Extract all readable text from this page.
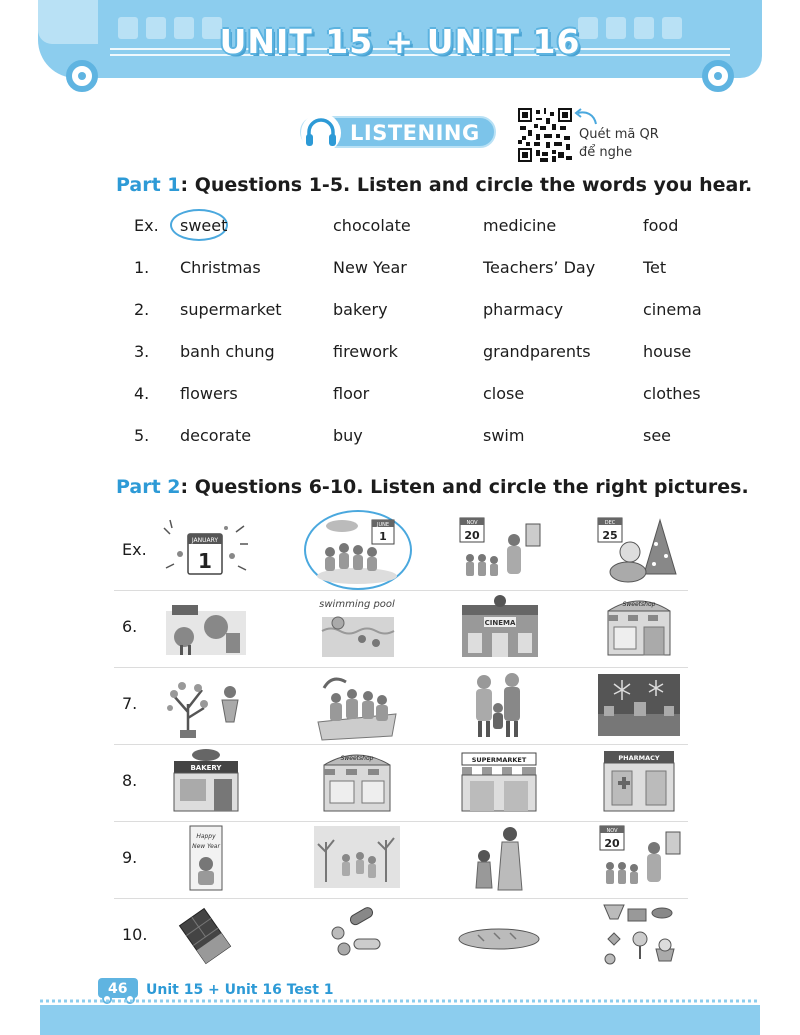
UNIT 15 + UNIT 16
LISTENING	Quét mã QR
để nghe
Part 1: Questions 1-5. Listen and circle the words you hear.
Ex. sweet	chocolate	medicine	food
1. Christmas	New Year	Teachers’ Day	Tet
2. supermarket	bakery	pharmacy	cinema
3. banh chung	firework	grandparents	house
4. flowers	floor	close	clothes
5. decorate	buy	swim	see
Part 2: Questions 6-10. Listen and circle the right pictures.
Ex.	JANUARY
1
JUNE
1
NOV
20
DEC
25
6.
swimming pool
CINEMA
Sweetshop
7.
8.
BAKERY
Sweetshop	SUPERMARKET	PHARMACY
9.
Happy
New Year
NOV
20
10.
46 Unit 15 + Unit 16 Test 1
